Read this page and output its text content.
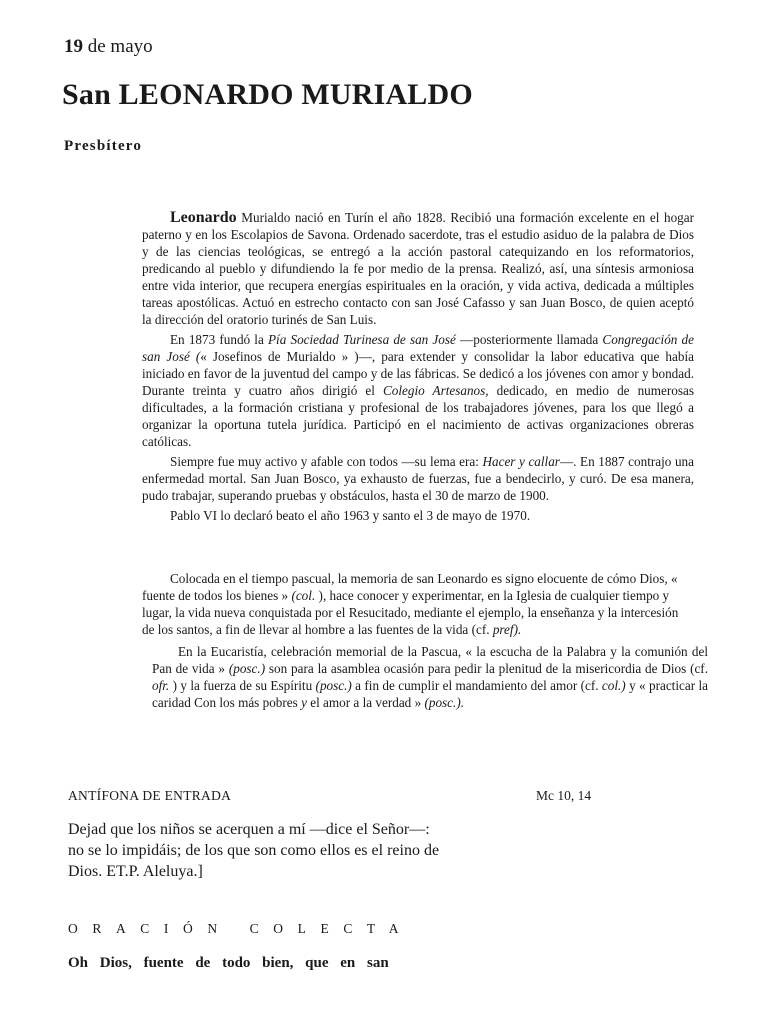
19 de mayo
San LEONARDO MURIALDO
Presbítero

Leonardo Murialdo nació en Turín el año 1828. Recibió una formación excelente en el hogar paterno y en los Escolapios de Savona. Ordenado sacerdote, tras el estudio asiduo de la palabra de Dios y de las ciencias teológicas, se entregó a la acción pastoral catequizando en los reformatorios, predicando al pueblo y difundiendo la fe por medio de la prensa. Realizó, así, una síntesis armoniosa entre vida interior, que recupera energías espirituales en la oración, y vida activa, dedicada a múltiples tareas apostólicas. Actuó en estrecho contacto con san José Cafasso y san Juan Bosco, de quien aceptó la dirección del oratorio turinés de San Luis.

En 1873 fundó la Pía Sociedad Turinesa de san José —posteriormente llamada Congregación de san José (« Josefinos de Murialdo » )—, para extender y consolidar la labor educativa que había iniciado en favor de la juventud del campo y de las fábricas. Se dedicó a los jóvenes con amor y bondad. Durante treinta y cuatro años dirigió el Colegio Artesanos, dedicado, en medio de numerosas dificultades, a la formación cristiana y profesional de los trabajadores jóvenes, para los que llegó a organizar la oportuna tutela jurídica. Participó en el nacimiento de activas organizaciones obreras católicas.

Siempre fue muy activo y afable con todos —su lema era: Hacer y callar—. En 1887 contrajo una enfermedad mortal. San Juan Bosco, ya exhausto de fuerzas, fue a bendecirlo, y curó. De esa manera, pudo trabajar, superando pruebas y obstáculos, hasta el 30 de marzo de 1900.

Pablo VI lo declaró beato el año 1963 y santo el 3 de mayo de 1970.

Colocada en el tiempo pascual, la memoria de san Leonardo es signo elocuente de cómo Dios, « fuente de todos los bienes » (col. ), hace conocer y experimentar, en la Iglesia de cualquier tiempo y lugar, la vida nueva conquistada por el Resucitado, mediante el ejemplo, la enseñanza y la intercesión de los santos, a fin de llevar al hombre a las fuentes de la vida (cf. pref).

En la Eucaristía, celebración memorial de la Pascua, « la escucha de la Palabra y la comunión del Pan de vida » (posc.) son para la asamblea ocasión para pedir la plenitud de la misericordia de Dios (cf. ofr. ) y la fuerza de su Espíritu (posc.) a fin de cumplir el mandamiento del amor (cf. col.) y « practicar la caridad Con los más pobres y el amor a la verdad » (posc.).

ANTÍFONA DE ENTRADA	Mc 10, 14
Dejad que los niños se acerquen a mí —dice el Señor—: no se lo impidáis; de los que son como ellos es el reino de Dios. ET.P. Aleluya.]
ORACIÓN COLECTA
Oh Dios, fuente de todo bien, que en san
